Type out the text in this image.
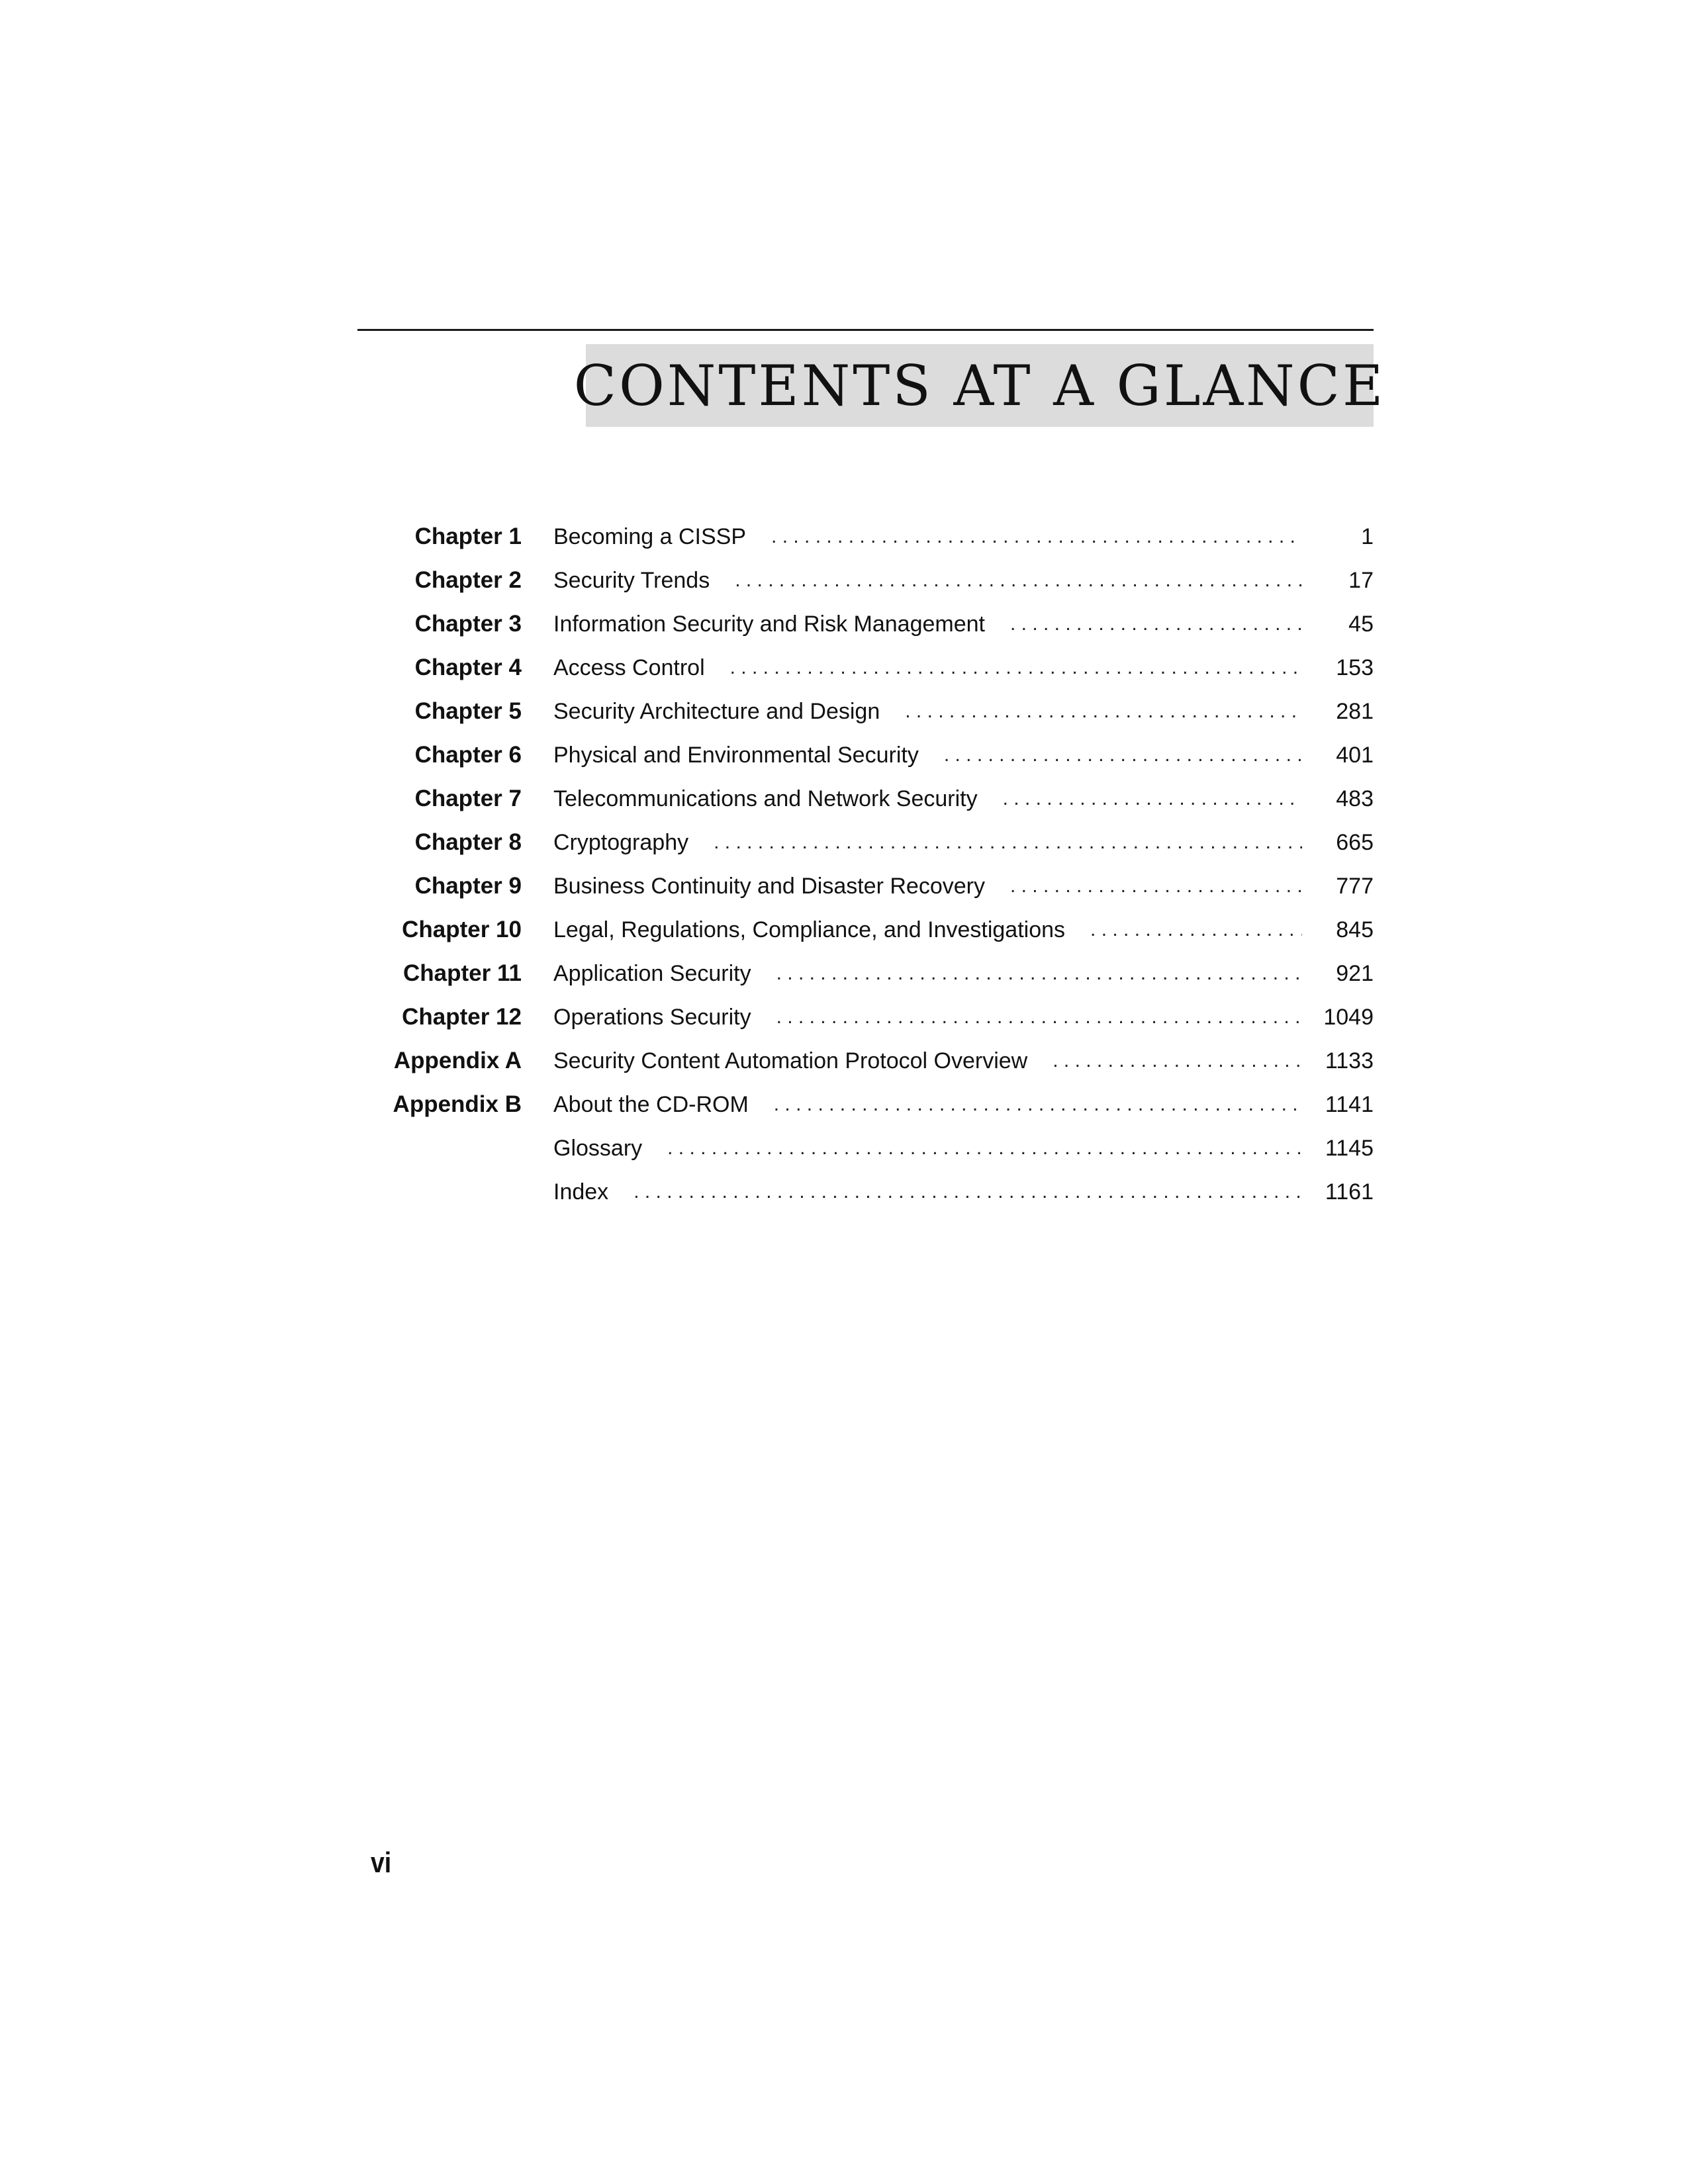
CONTENTS AT A GLANCE
Chapter 1 Becoming a CISSP . . .	1
Chapter 2 Security Trends . . .	17
Chapter 3 Information Security and Risk Management . . .	45
Chapter 4 Access Control . . .	153
Chapter 5 Security Architecture and Design . . .	281
Chapter 6 Physical and Environmental Security . . .	401
Chapter 7 Telecommunications and Network Security . . .	483
Chapter 8 Cryptography . . .	665
Chapter 9 Business Continuity and Disaster Recovery . . .	777
Chapter 10 Legal, Regulations, Compliance, and Investigations . . .	845
Chapter 11 Application Security . . .	921
Chapter 12 Operations Security . . .	1049
Appendix A Security Content Automation Protocol Overview . . .	1133
Appendix B About the CD-ROM . . .	1141
Glossary . . .	1145
Index . . .	1161
vi
